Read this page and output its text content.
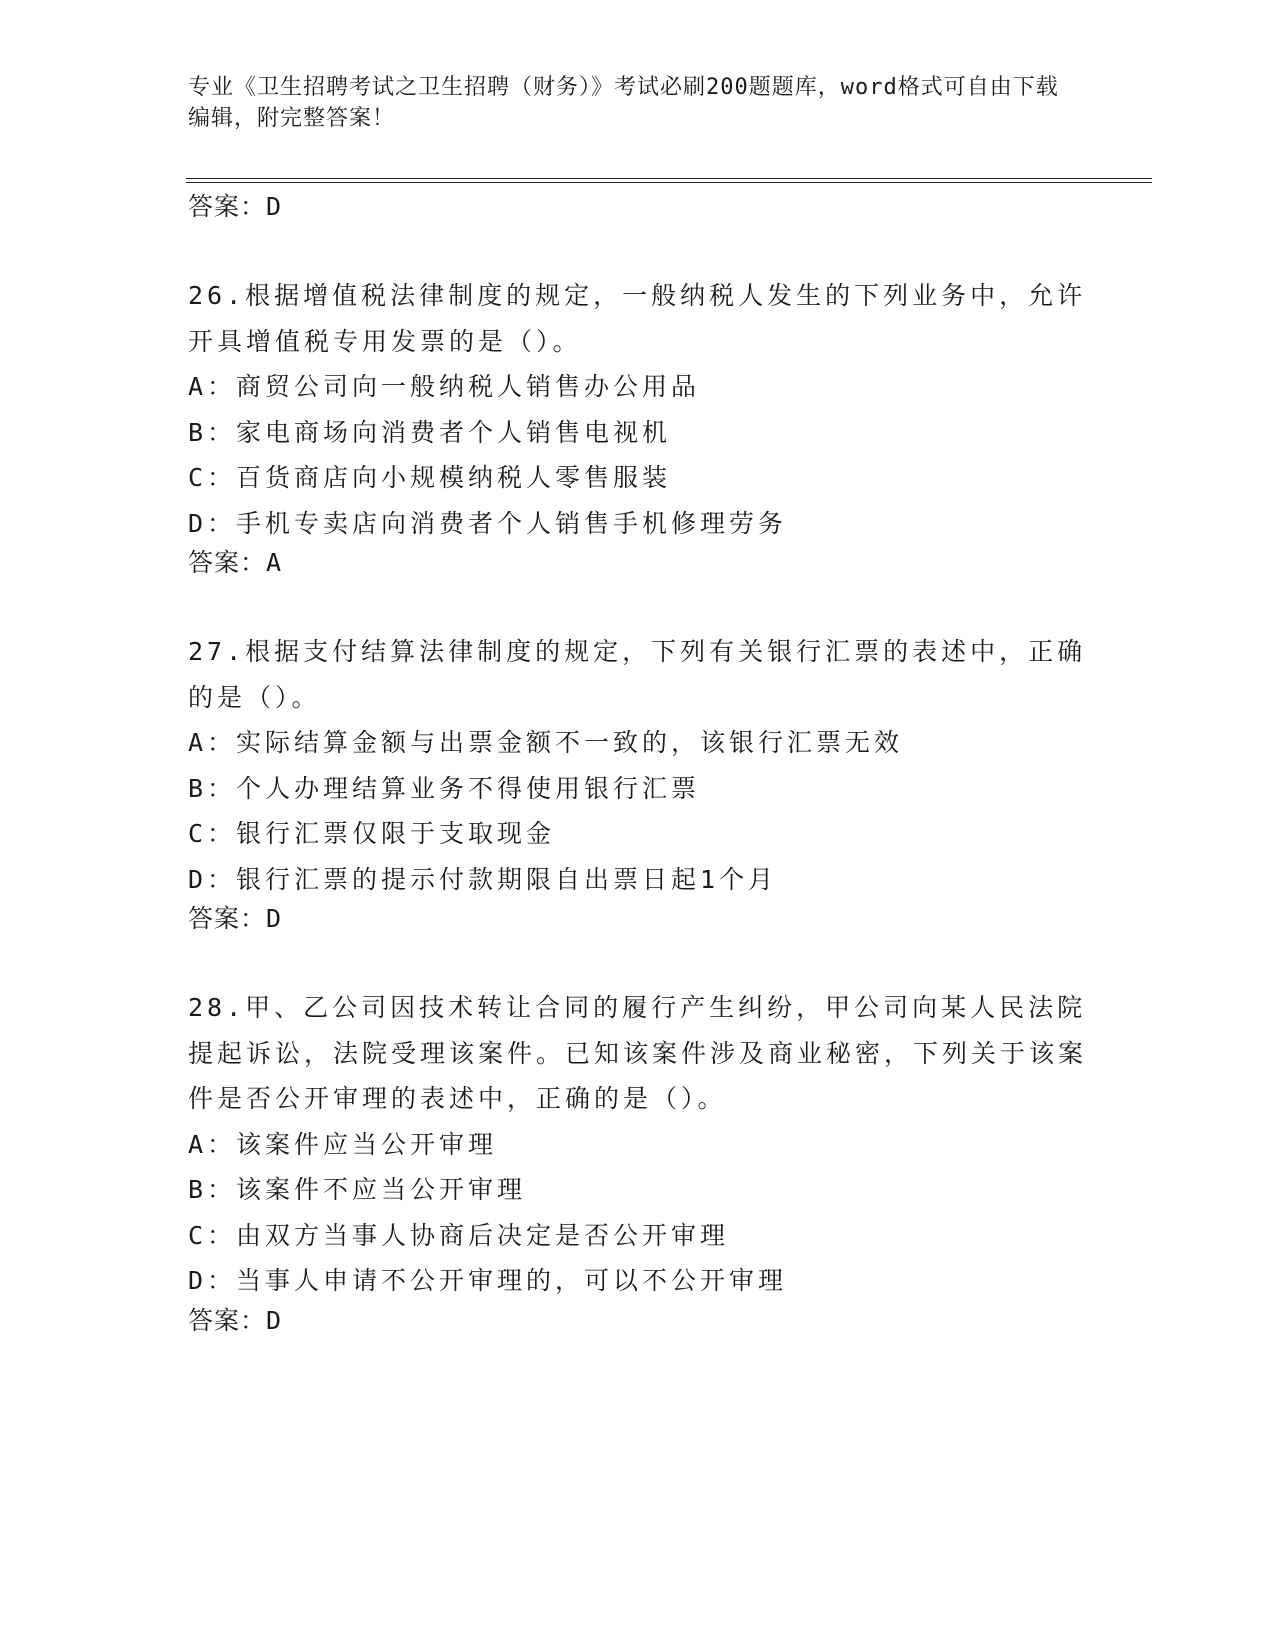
专业《卫生招聘考试之卫生招聘（财务）》考试必刷200题题库，word格式可自由下载编辑，附完整答案！
答案：D
26.根据增值税法律制度的规定，一般纳税人发生的下列业务中，允许开具增值税专用发票的是（）。
A：商贸公司向一般纳税人销售办公用品
B：家电商场向消费者个人销售电视机
C：百货商店向小规模纳税人零售服装
D：手机专卖店向消费者个人销售手机修理劳务
答案：A
27.根据支付结算法律制度的规定，下列有关银行汇票的表述中，正确的是（）。
A：实际结算金额与出票金额不一致的，该银行汇票无效
B：个人办理结算业务不得使用银行汇票
C：银行汇票仅限于支取现金
D：银行汇票的提示付款期限自出票日起1个月
答案：D
28.甲、乙公司因技术转让合同的履行产生纠纷，甲公司向某人民法院提起诉讼，法院受理该案件。已知该案件涉及商业秘密，下列关于该案件是否公开审理的表述中，正确的是（）。
A：该案件应当公开审理
B：该案件不应当公开审理
C：由双方当事人协商后决定是否公开审理
D：当事人申请不公开审理的，可以不公开审理
答案：D
